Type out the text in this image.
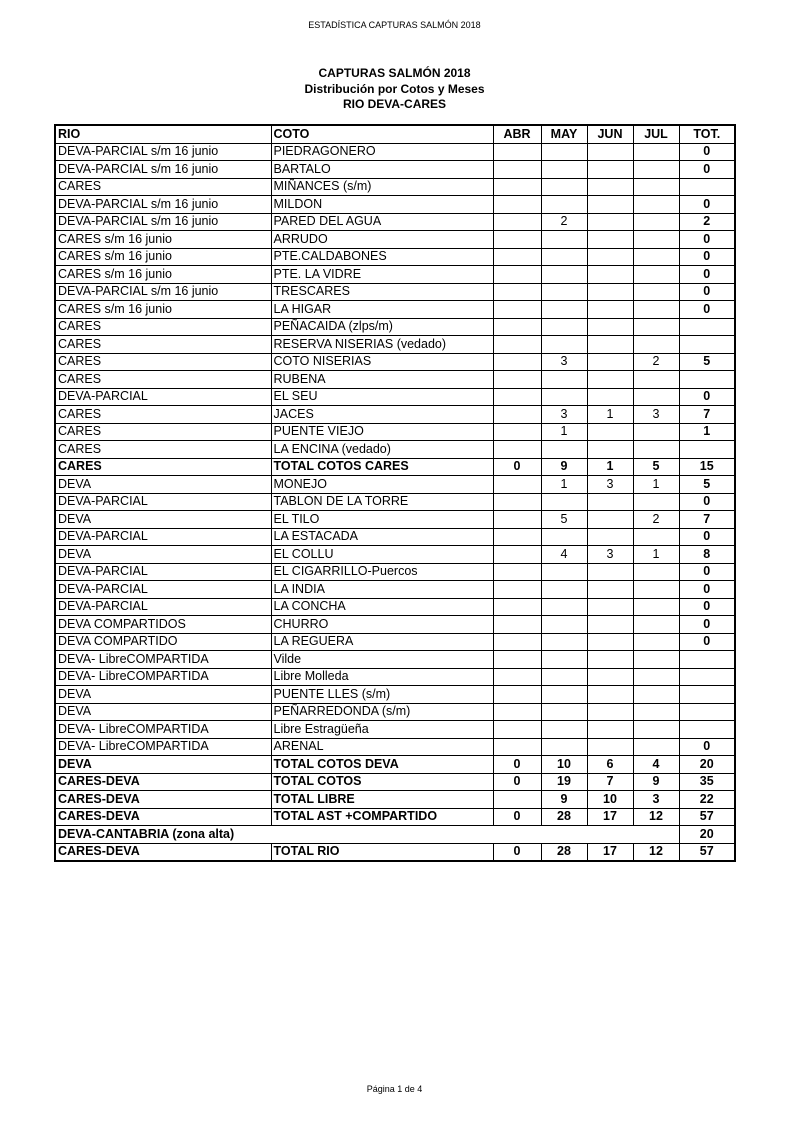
ESTADÍSTICA CAPTURAS SALMÓN 2018
CAPTURAS SALMÓN 2018
Distribución por Cotos y Meses
RIO DEVA-CARES
RIO	COTO	ABR	MAY	JUN	JUL	TOT.
DEVA-PARCIAL s/m 16 junio	PIEDRAGONERO					0
DEVA-PARCIAL s/m 16 junio	BARTALO					0
CARES	MIÑANCES (s/m)					
DEVA-PARCIAL s/m 16 junio	MILDON					0
DEVA-PARCIAL s/m 16 junio	PARED DEL AGUA		2			2
CARES s/m 16 junio	ARRUDO					0
CARES s/m 16 junio	PTE.CALDABONES					0
CARES s/m 16 junio	PTE. LA VIDRE					0
DEVA-PARCIAL s/m 16 junio	TRESCARES					0
CARES s/m 16 junio	LA HIGAR					0
CARES	PEÑACAIDA (zlps/m)					
CARES	RESERVA NISERIAS (vedado)					
CARES	COTO NISERIAS		3		2	5
CARES	RUBENA					
DEVA-PARCIAL	EL SEU					0
CARES	JACES		3	1	3	7
CARES	PUENTE VIEJO		1			1
CARES	LA ENCINA (vedado)					
CARES	TOTAL COTOS CARES	0	9	1	5	15
DEVA	MONEJO		1	3	1	5
DEVA-PARCIAL	TABLON DE LA TORRE					0
DEVA	EL TILO		5		2	7
DEVA-PARCIAL	LA ESTACADA					0
DEVA	EL COLLU		4	3	1	8
DEVA-PARCIAL	EL CIGARRILLO-Puercos					0
DEVA-PARCIAL	LA INDIA					0
DEVA-PARCIAL	LA CONCHA					0
DEVA COMPARTIDOS	CHURRO					0
DEVA COMPARTIDO	LA REGUERA					0
DEVA- LibreCOMPARTIDA	Vilde					
DEVA- LibreCOMPARTIDA	Libre Molleda					
DEVA	PUENTE LLES (s/m)					
DEVA	PEÑARREDONDA (s/m)					
DEVA- LibreCOMPARTIDA	Libre Estragüeña					
DEVA- LibreCOMPARTIDA	ARENAL					0
DEVA	TOTAL COTOS DEVA	0	10	6	4	20
CARES-DEVA	TOTAL COTOS	0	19	7	9	35
CARES-DEVA	TOTAL LIBRE		9	10	3	22
CARES-DEVA	TOTAL AST +COMPARTIDO	0	28	17	12	57
DEVA-CANTABRIA (zona alta)						20
CARES-DEVA	TOTAL RIO	0	28	17	12	57
Página 1 de 4
